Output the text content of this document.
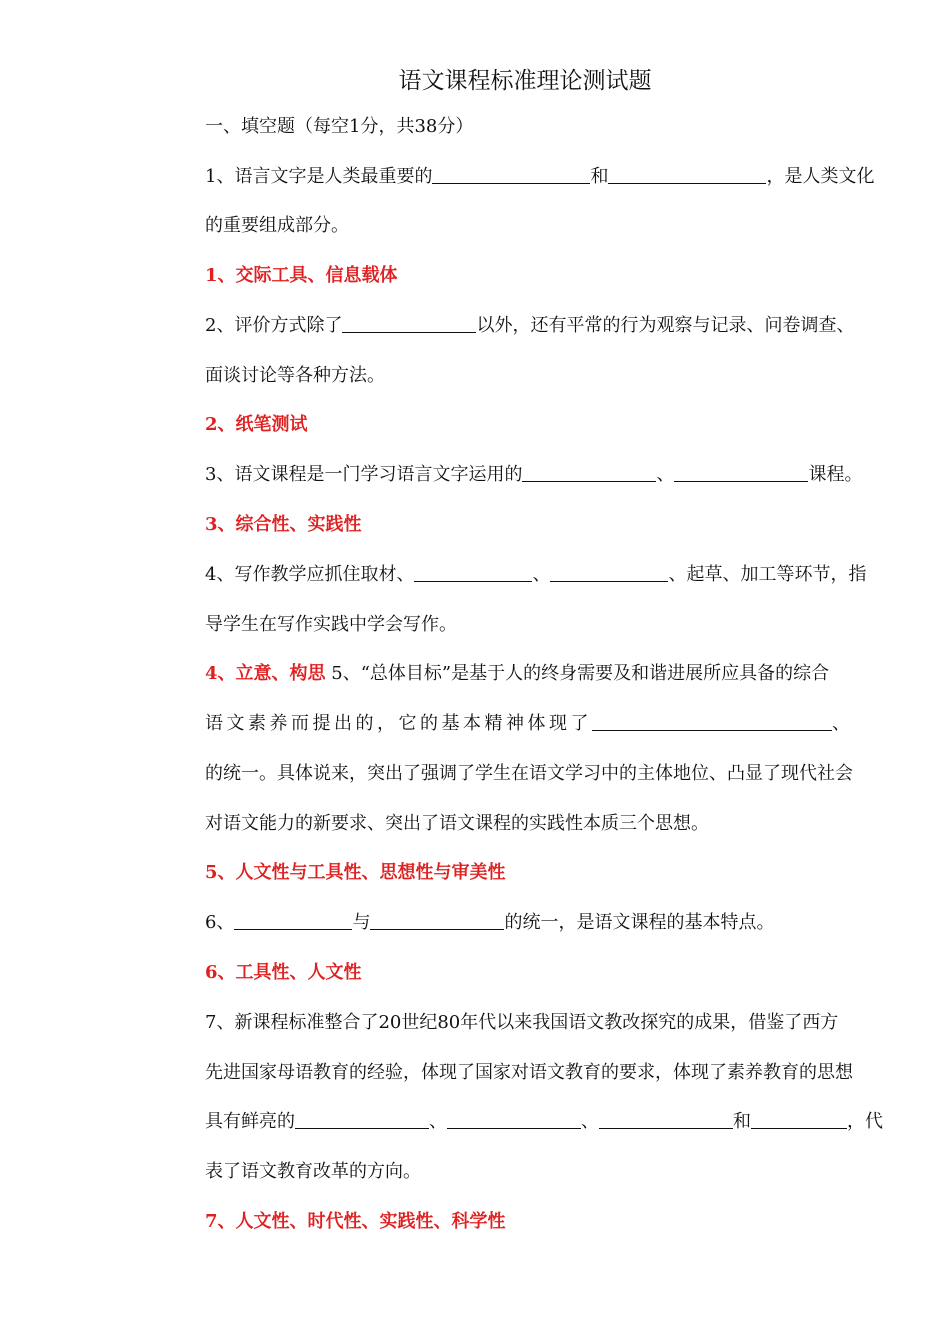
语文课程标准理论测试题
一、填空题（每空1分，共38分）
1、语言文字是人类最重要的	和	，是人类文化
的重要组成部分。
1、交际工具、信息载体
2、评价方式除了	以外，还有平常的行为观察与记录、问卷调查、
面谈讨论等各种方法。
2、纸笔测试
3、语文课程是一门学习语言文字运用的	、	课程。
3、综合性、实践性
4、写作教学应抓住取材、	、	、起草、加工等环节，指
导学生在写作实践中学会写作。
4、立意、构思 5、“总体目标”是基于人的终身需要及和谐进展所应具备的综合
语文素养而提出的，它的基本精神体现了	、
的统一。具体说来，突出了强调了学生在语文学习中的主体地位、凸显了现代社会
对语文能力的新要求、突出了语文课程的实践性本质三个思想。
5、人文性与工具性、思想性与审美性
6、	与	的统一，是语文课程的基本特点。
6、工具性、人文性
7、新课程标准整合了20世纪80年代以来我国语文教改探究的成果，借鉴了西方
先进国家母语教育的经验，体现了国家对语文教育的要求，体现了素养教育的思想
具有鲜亮的	、	、	和	，代
表了语文教育改革的方向。
7、人文性、时代性、实践性、科学性
